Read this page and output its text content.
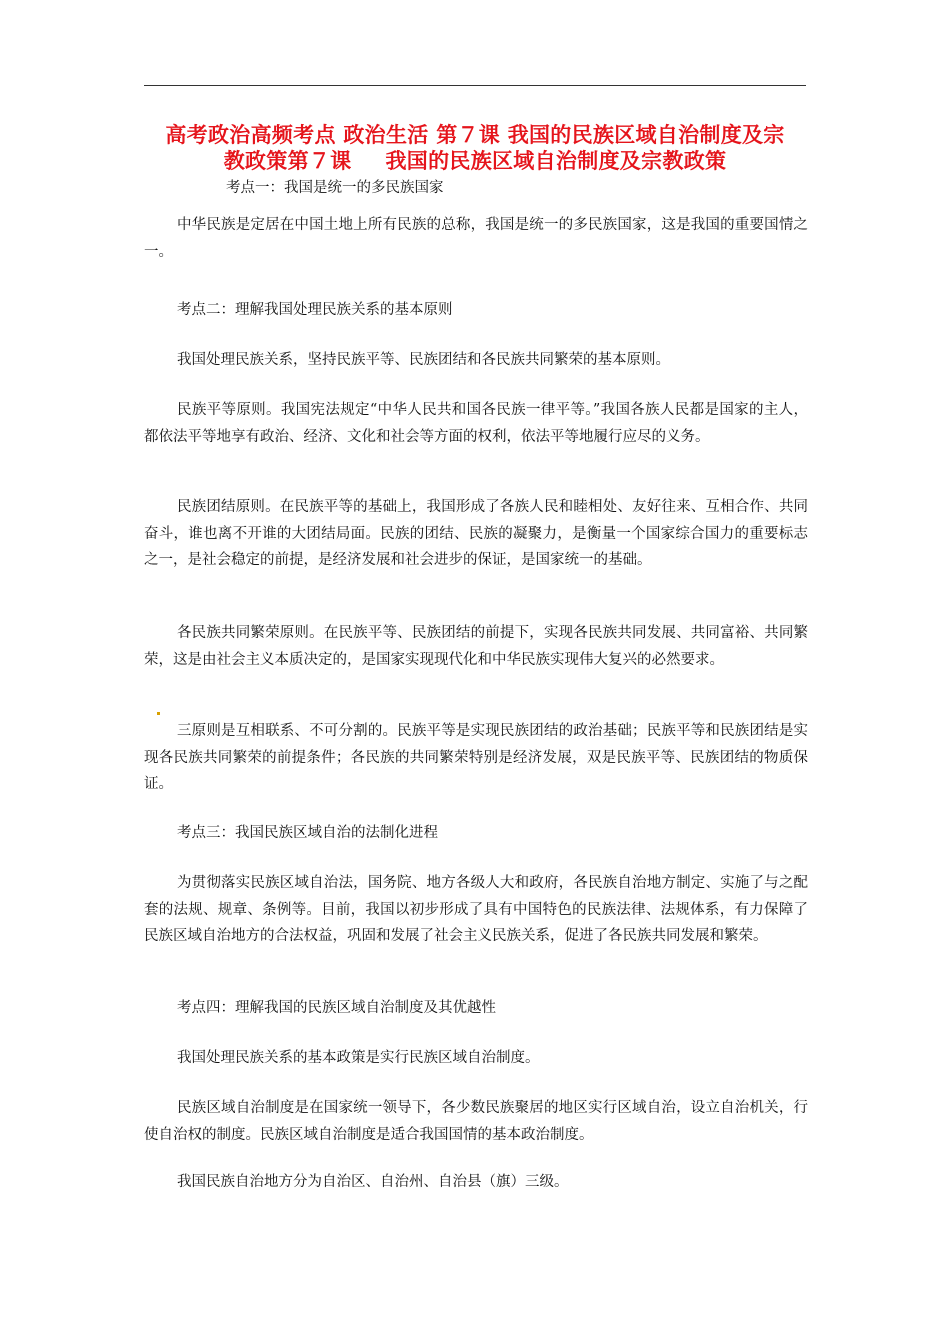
高考政治高频考点 政治生活 第７课 我国的民族区域自治制度及宗
教政策第７课 我国的民族区域自治制度及宗教政策
考点一：我国是统一的多民族国家

中华民族是定居在中国土地上所有民族的总称，我国是统一的多民族国家，这是我国的重要国情之一。

考点二：理解我国处理民族关系的基本原则

我国处理民族关系，坚持民族平等、民族团结和各民族共同繁荣的基本原则。

民族平等原则。我国宪法规定“中华人民共和国各民族一律平等。”我国各族人民都是国家的主人，都依法平等地享有政治、经济、文化和社会等方面的权利，依法平等地履行应尽的义务。

民族团结原则。在民族平等的基础上，我国形成了各族人民和睦相处、友好往来、互相合作、共同奋斗，谁也离不开谁的大团结局面。民族的团结、民族的凝聚力，是衡量一个国家综合国力的重要标志之一，是社会稳定的前提，是经济发展和社会进步的保证，是国家统一的基础。

各民族共同繁荣原则。在民族平等、民族团结的前提下，实现各民族共同发展、共同富裕、共同繁荣，这是由社会主义本质决定的，是国家实现现代化和中华民族实现伟大复兴的必然要求。

三原则是互相联系、不可分割的。民族平等是实现民族团结的政治基础；民族平等和民族团结是实现各民族共同繁荣的前提条件；各民族的共同繁荣特别是经济发展，双是民族平等、民族团结的物质保证。

考点三：我国民族区域自治的法制化进程

为贯彻落实民族区域自治法，国务院、地方各级人大和政府，各民族自治地方制定、实施了与之配套的法规、规章、条例等。目前，我国以初步形成了具有中国特色的民族法律、法规体系，有力保障了民族区域自治地方的合法权益，巩固和发展了社会主义民族关系，促进了各民族共同发展和繁荣。

考点四：理解我国的民族区域自治制度及其优越性

我国处理民族关系的基本政策是实行民族区域自治制度。

民族区域自治制度是在国家统一领导下，各少数民族聚居的地区实行区域自治，设立自治机关，行使自治权的制度。民族区域自治制度是适合我国国情的基本政治制度。

我国民族自治地方分为自治区、自治州、自治县（旗）三级。
